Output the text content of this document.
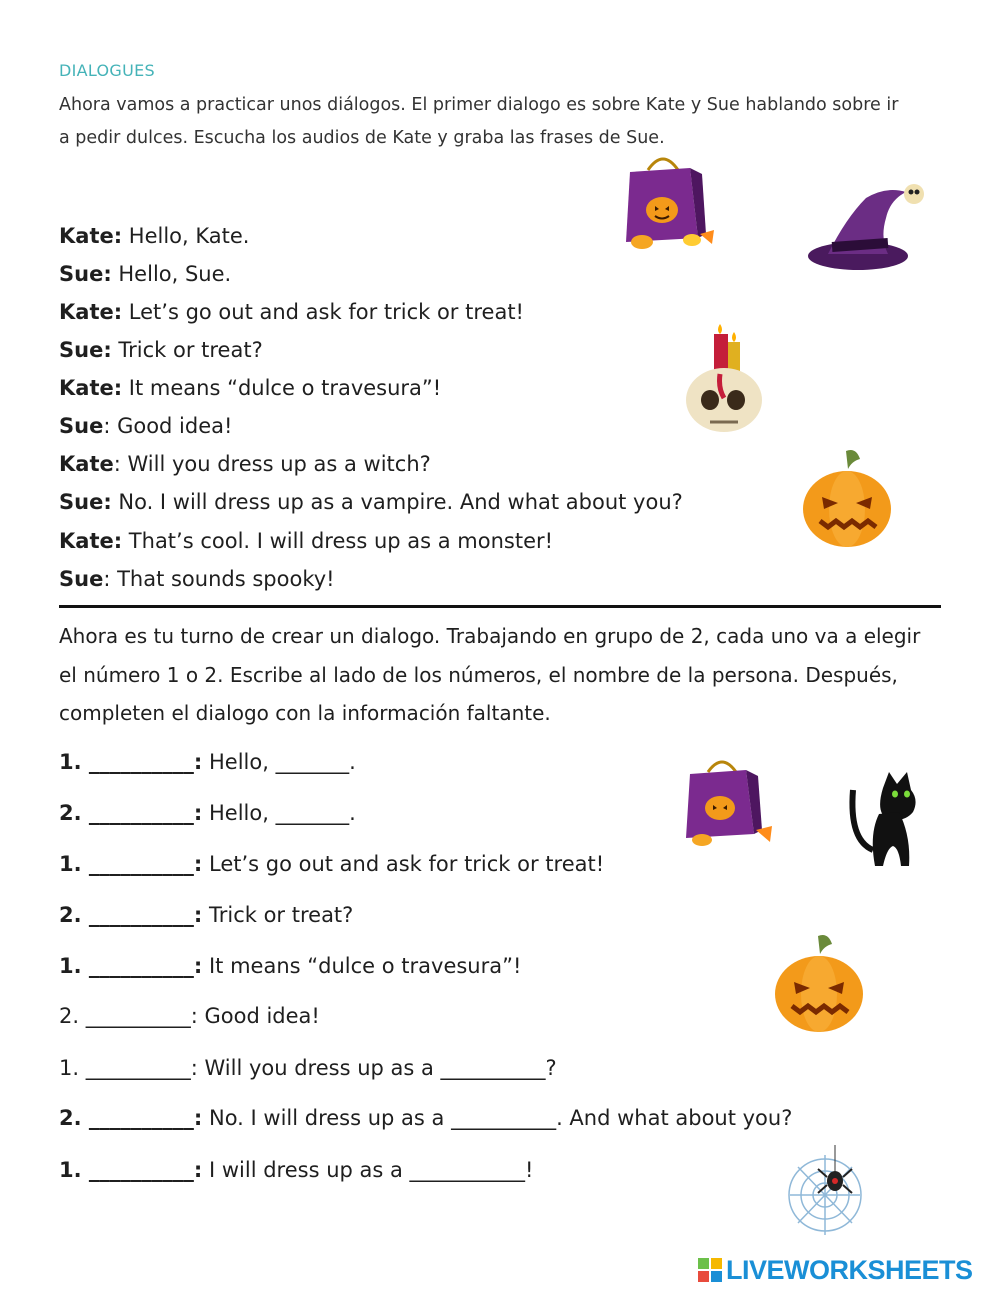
DIALOGUES
Ahora vamos a practicar unos diálogos. El primer dialogo es sobre Kate y Sue hablando sobre ir a pedir dulces. Escucha los audios de Kate y graba las frases de Sue.
Kate: Hello, Kate.
Sue: Hello, Sue.
Kate: Let’s go out and ask for trick or treat!
Sue: Trick or treat?
Kate: It means “dulce o travesura”!
Sue: Good idea!
Kate: Will you dress up as a witch?
Sue: No. I will dress up as a vampire. And what about you?
Kate: That’s cool. I will dress up as a monster!
Sue: That sounds spooky!
Ahora es tu turno de crear un dialogo. Trabajando en grupo de 2, cada uno va a elegir el número 1 o 2. Escribe al lado de los números, el nombre de la persona. Después, completen el dialogo con la información faltante.
1. __________: Hello, _______.
2. __________: Hello, _______.
1. __________: Let’s go out and ask for trick or treat!
2. __________: Trick or treat?
1. __________: It means “dulce o travesura”!
2. __________: Good idea!
1. __________: Will you dress up as a __________?
2. __________: No. I will dress up as a __________. And what about you?
1. __________: I will dress up as a ___________!
LIVEWORKSHEETS
